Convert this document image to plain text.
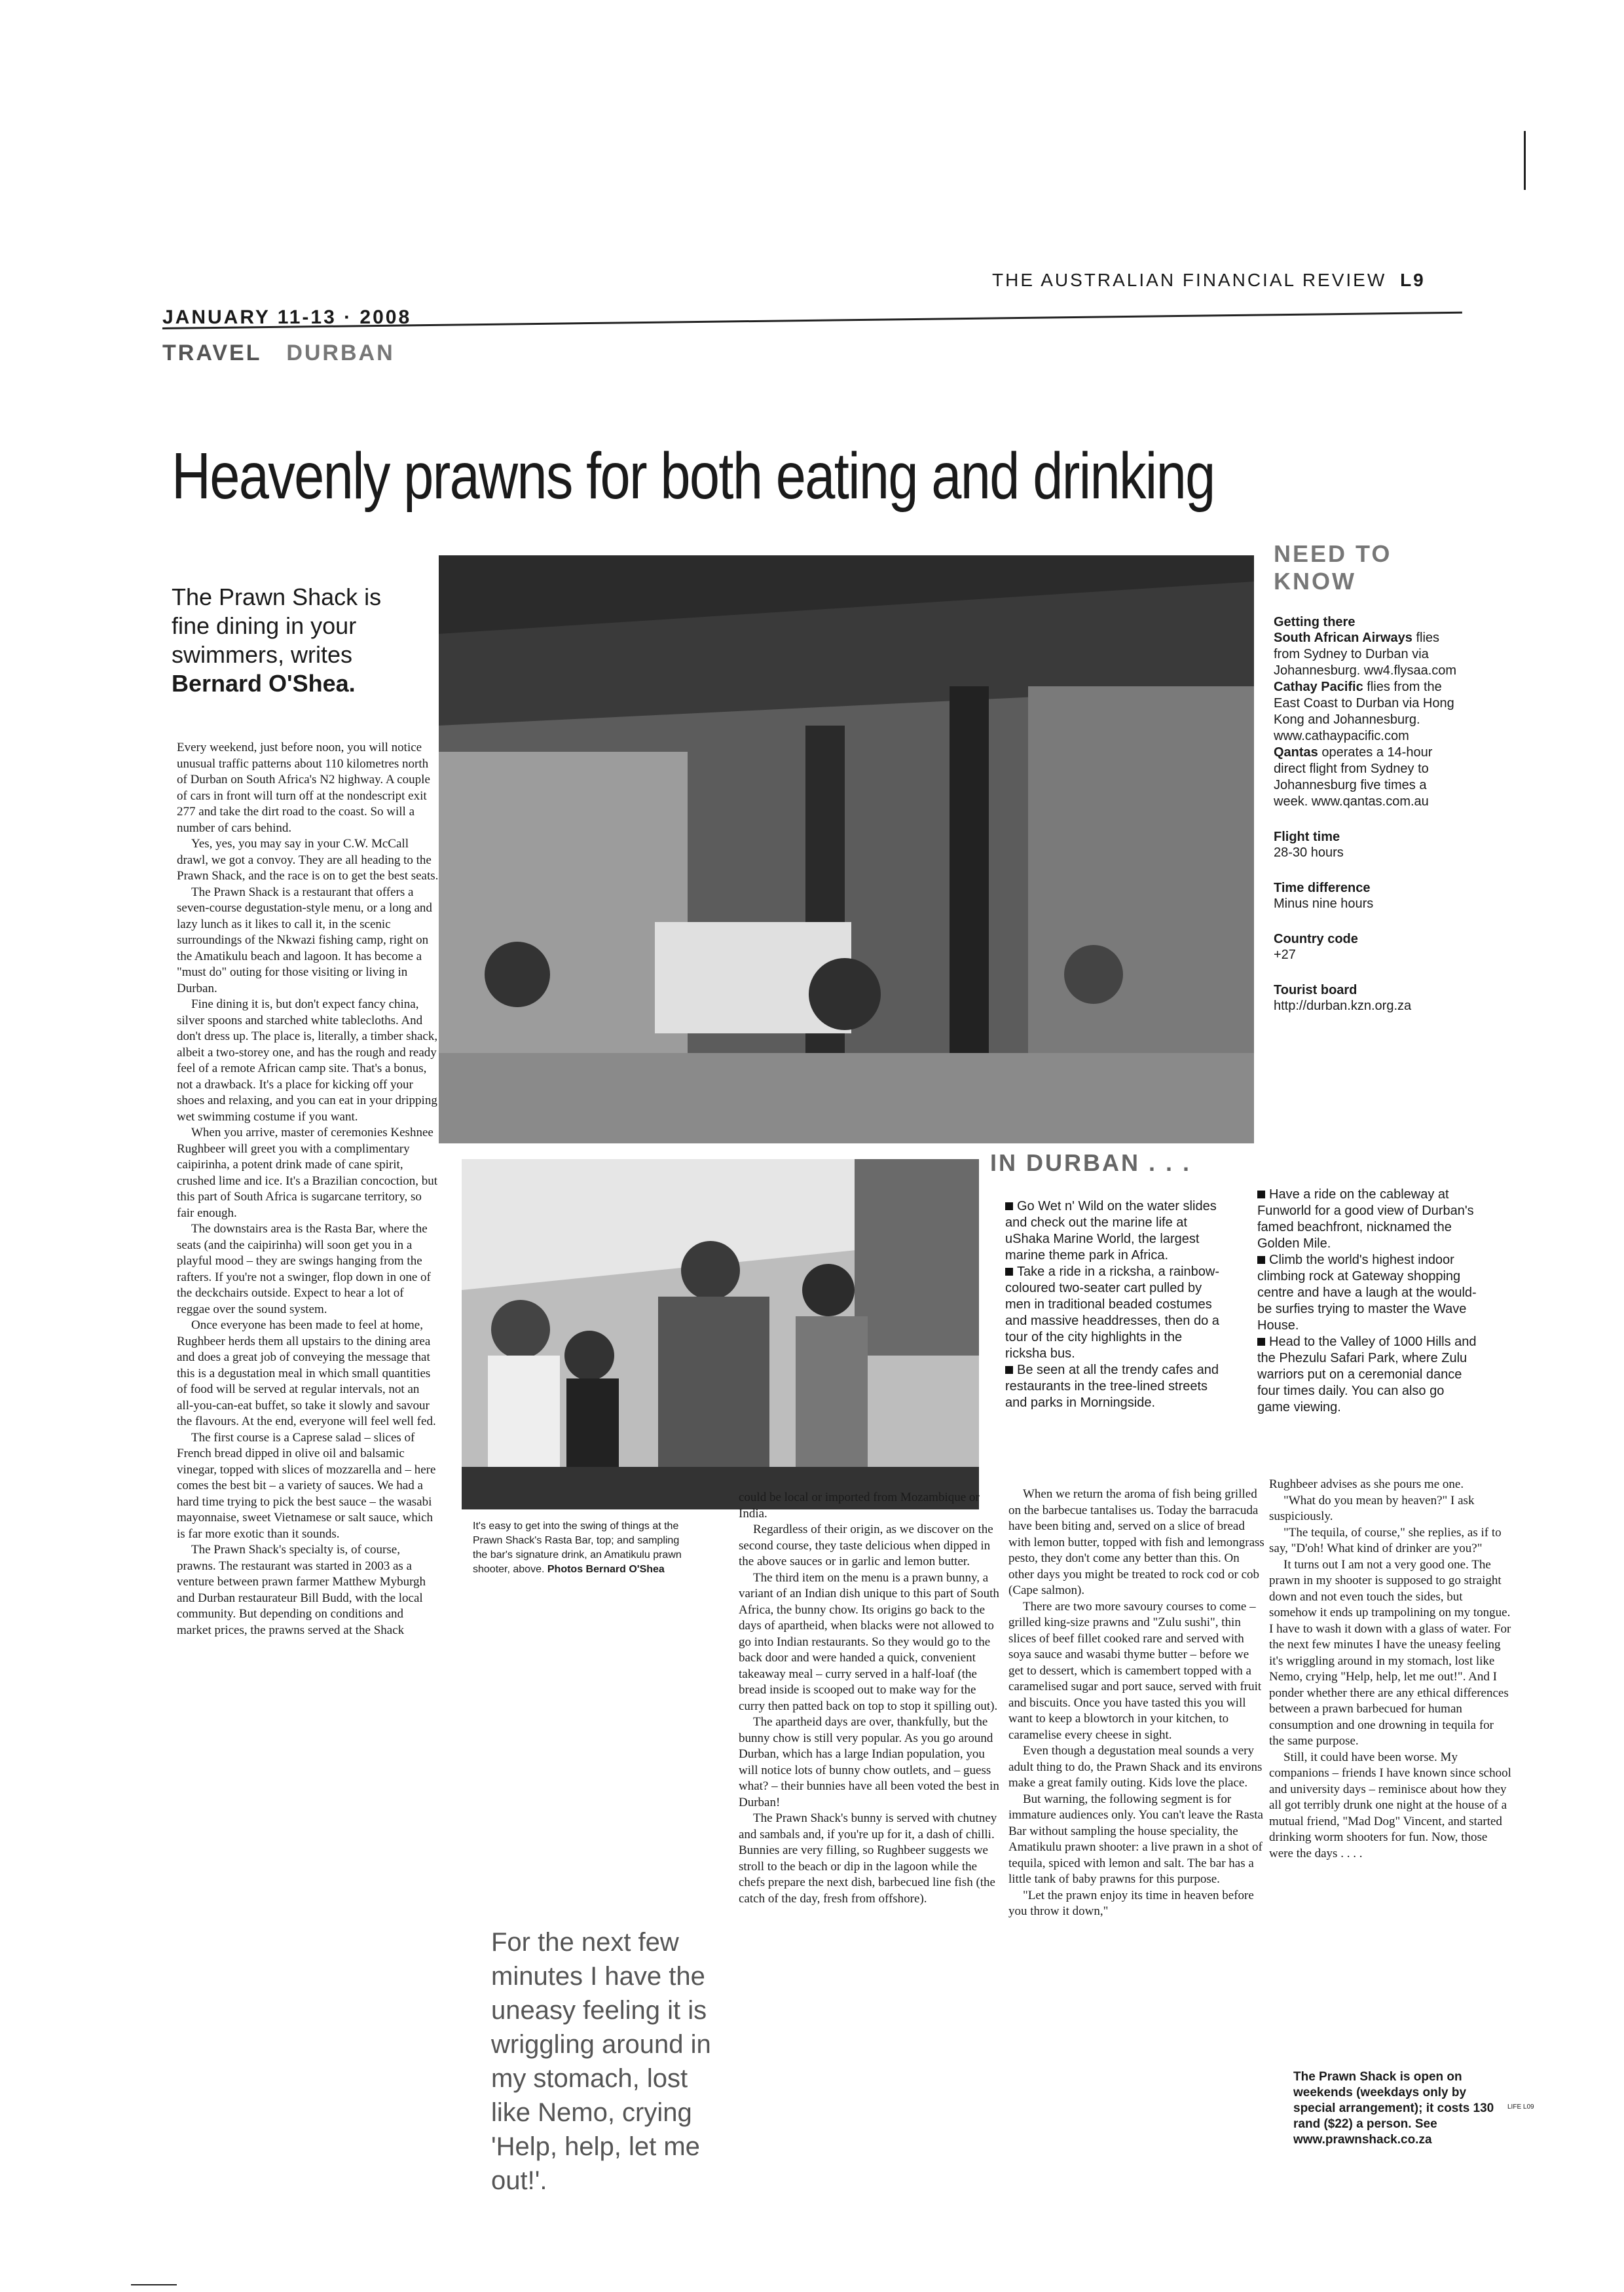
JANUARY 11-13 · 2008
THE AUSTRALIAN FINANCIAL REVIEW L9
TRAVEL DURBAN
Heavenly prawns for both eating and drinking
The Prawn Shack is fine dining in your swimmers, writes Bernard O'Shea.

Every weekend, just before noon, you will notice unusual traffic patterns about 110 kilometres north of Durban on South Africa's N2 highway. A couple of cars in front will turn off at the nondescript exit 277 and take the dirt road to the coast. So will a number of cars behind.

Yes, yes, you may say in your C.W. McCall drawl, we got a convoy. They are all heading to the Prawn Shack, and the race is on to get the best seats.

The Prawn Shack is a restaurant that offers a seven-course degustation-style menu, or a long and lazy lunch as it likes to call it, in the scenic surroundings of the Nkwazi fishing camp, right on the Amatikulu beach and lagoon. It has become a "must do" outing for those visiting or living in Durban.

Fine dining it is, but don't expect fancy china, silver spoons and starched white tablecloths. And don't dress up. The place is, literally, a timber shack, albeit a two-storey one, and has the rough and ready feel of a remote African camp site. That's a bonus, not a drawback. It's a place for kicking off your shoes and relaxing, and you can eat in your dripping wet swimming costume if you want.

When you arrive, master of ceremonies Keshnee Rughbeer will greet you with a complimentary caipirinha, a potent drink made of cane spirit, crushed lime and ice. It's a Brazilian concoction, but this part of South Africa is sugarcane territory, so fair enough.

The downstairs area is the Rasta Bar, where the seats (and the caipirinha) will soon get you in a playful mood – they are swings hanging from the rafters. If you're not a swinger, flop down in one of the deckchairs outside. Expect to hear a lot of reggae over the sound system.

Once everyone has been made to feel at home, Rughbeer herds them all upstairs to the dining area and does a great job of conveying the message that this is a degustation meal in which small quantities of food will be served at regular intervals, not an all-you-can-eat buffet, so take it slowly and savour the flavours. At the end, everyone will feel well fed.

The first course is a Caprese salad – slices of French bread dipped in olive oil and balsamic vinegar, topped with slices of mozzarella and – here comes the best bit – a variety of sauces. We had a hard time trying to pick the best sauce – the wasabi mayonnaise, sweet Vietnamese or salt sauce, which is far more exotic than it sounds.

The Prawn Shack's specialty is, of course, prawns. The restaurant was started in 2003 as a venture between prawn farmer Matthew Myburgh and Durban restaurateur Bill Budd, with the local community. But depending on conditions and market prices, the prawns served at the Shack

NEED TO KNOW
Getting there
South African Airways flies from Sydney to Durban via Johannesburg. ww4.flysaa.com
Cathay Pacific flies from the East Coast to Durban via Hong Kong and Johannesburg. www.cathaypacific.com
Qantas operates a 14-hour direct flight from Sydney to Johannesburg five times a week. www.qantas.com.au
Flight time
28-30 hours
Time difference
Minus nine hours
Country code
+27
Tourist board
http://durban.kzn.org.za
It's easy to get into the swing of things at the Prawn Shack's Rasta Bar, top; and sampling the bar's signature drink, an Amatikulu prawn shooter, above. Photos Bernard O'Shea
For the next few minutes I have the uneasy feeling it is wriggling around in my stomach, lost like Nemo, crying 'Help, help, let me out!'.

could be local or imported from Mozambique or India.

Regardless of their origin, as we discover on the second course, they taste delicious when dipped in the above sauces or in garlic and lemon butter.

The third item on the menu is a prawn bunny, a variant of an Indian dish unique to this part of South Africa, the bunny chow. Its origins go back to the days of apartheid, when blacks were not allowed to go into Indian restaurants. So they would go to the back door and were handed a quick, convenient takeaway meal – curry served in a half-loaf (the bread inside is scooped out to make way for the curry then patted back on top to stop it spilling out).

The apartheid days are over, thankfully, but the bunny chow is still very popular. As you go around Durban, which has a large Indian population, you will notice lots of bunny chow outlets, and – guess what? – their bunnies have all been voted the best in Durban!

The Prawn Shack's bunny is served with chutney and sambals and, if you're up for it, a dash of chilli. Bunnies are very filling, so Rughbeer suggests we stroll to the beach or dip in the lagoon while the chefs prepare the next dish, barbecued line fish (the catch of the day, fresh from offshore).

IN DURBAN . . .

Go Wet n' Wild on the water slides and check out the marine life at uShaka Marine World, the largest marine theme park in Africa.

Take a ride in a ricksha, a rainbow-coloured two-seater cart pulled by men in traditional beaded costumes and massive headdresses, then do a tour of the city highlights in the ricksha bus.

Be seen at all the trendy cafes and restaurants in the tree-lined streets and parks in Morningside.

Have a ride on the cableway at Funworld for a good view of Durban's famed beachfront, nicknamed the Golden Mile.

Climb the world's highest indoor climbing rock at Gateway shopping centre and have a laugh at the would-be surfies trying to master the Wave House.

Head to the Valley of 1000 Hills and the Phezulu Safari Park, where Zulu warriors put on a ceremonial dance four times daily. You can also go game viewing.

When we return the aroma of fish being grilled on the barbecue tantalises us. Today the barracuda have been biting and, served on a slice of bread with lemon butter, topped with fish and lemongrass pesto, they don't come any better than this. On other days you might be treated to rock cod or cob (Cape salmon).

There are two more savoury courses to come – grilled king-size prawns and "Zulu sushi", thin slices of beef fillet cooked rare and served with soya sauce and wasabi thyme butter – before we get to dessert, which is camembert topped with a caramelised sugar and port sauce, served with fruit and biscuits. Once you have tasted this you will want to keep a blowtorch in your kitchen, to caramelise every cheese in sight.

Even though a degustation meal sounds a very adult thing to do, the Prawn Shack and its environs make a great family outing. Kids love the place.

But warning, the following segment is for immature audiences only. You can't leave the Rasta Bar without sampling the house speciality, the Amatikulu prawn shooter: a live prawn in a shot of tequila, spiced with lemon and salt. The bar has a little tank of baby prawns for this purpose.

"Let the prawn enjoy its time in heaven before you throw it down,"

Rughbeer advises as she pours me one.

"What do you mean by heaven?" I ask suspiciously.

"The tequila, of course," she replies, as if to say, "D'oh! What kind of drinker are you?"

It turns out I am not a very good one. The prawn in my shooter is supposed to go straight down and not even touch the sides, but somehow it ends up trampolining on my tongue. I have to wash it down with a glass of water. For the next few minutes I have the uneasy feeling it's wriggling around in my stomach, lost like Nemo, crying "Help, help, let me out!". And I ponder whether there are any ethical differences between a prawn barbecued for human consumption and one drowning in tequila for the same purpose.

Still, it could have been worse. My companions – friends I have known since school and university days – reminisce about how they all got terribly drunk one night at the house of a mutual friend, "Mad Dog" Vincent, and started drinking worm shooters for fun. Now, those were the days . . . .

The Prawn Shack is open on weekends (weekdays only by special arrangement); it costs 130 rand ($22) a person. See www.prawnshack.co.za
LIFE L09
